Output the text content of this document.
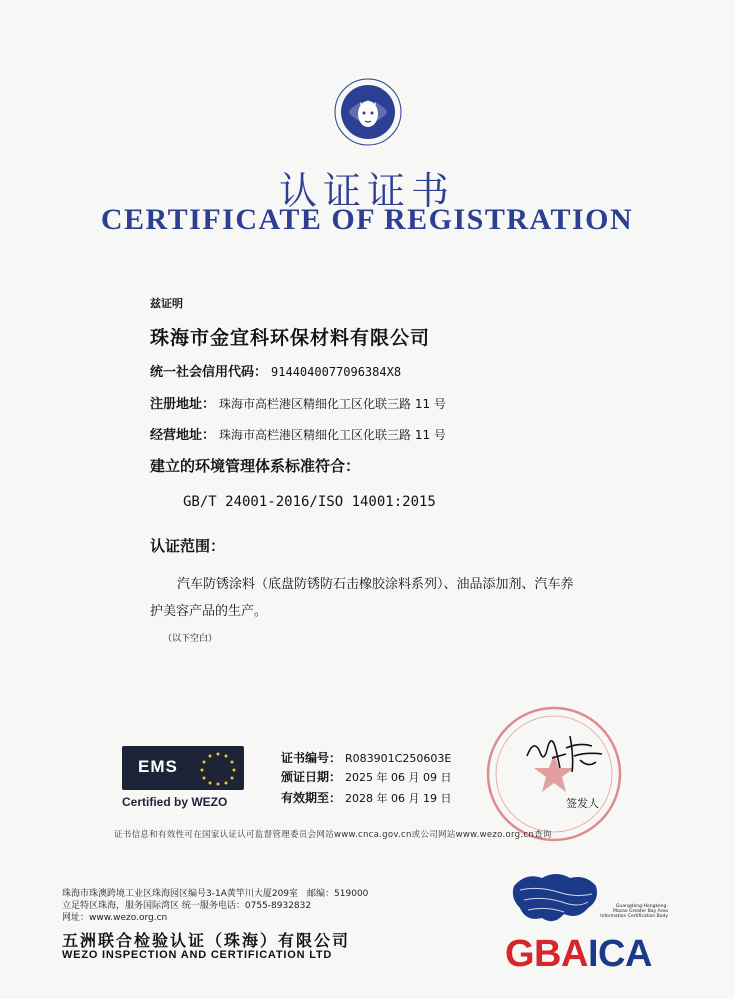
认证证书
CERTIFICATE OF REGISTRATION
兹证明
珠海市金宜科环保材料有限公司
统一社会信用代码： 9144040077096384X8
注册地址： 珠海市高栏港区精细化工区化联三路 11 号
经营地址： 珠海市高栏港区精细化工区化联三路 11 号
建立的环境管理体系标准符合：
GB/T 24001-2016/ISO 14001:2015
认证范围：
汽车防锈涂料（底盘防锈防石击橡胶涂料系列）、油品添加剂、汽车养
护美容产品的生产。
（以下空白）
EMS
Certified by WEZO
证书编号： R083901C250603E
颁证日期： 2025 年 06 月 09 日
有效期至： 2028 年 06 月 19 日	签发人
证书信息和有效性可在国家认证认可监督管理委员会网站www.cnca.gov.cn或公司网站www.wezo.org.cn查询
珠海市珠澳跨境工业区珠海园区编号3-1A黄竿川大厦209室　邮编：519000
立足特区珠海，服务国际湾区 统一服务电话：0755-8932832
网址：www.wezo.org.cn
五洲联合检验认证（珠海）有限公司
WEZO INSPECTION AND CERTIFICATION LTD
Guangdong-Hongkong-
Macao Greater Bay Area
Information Certification Body
GBAICA
